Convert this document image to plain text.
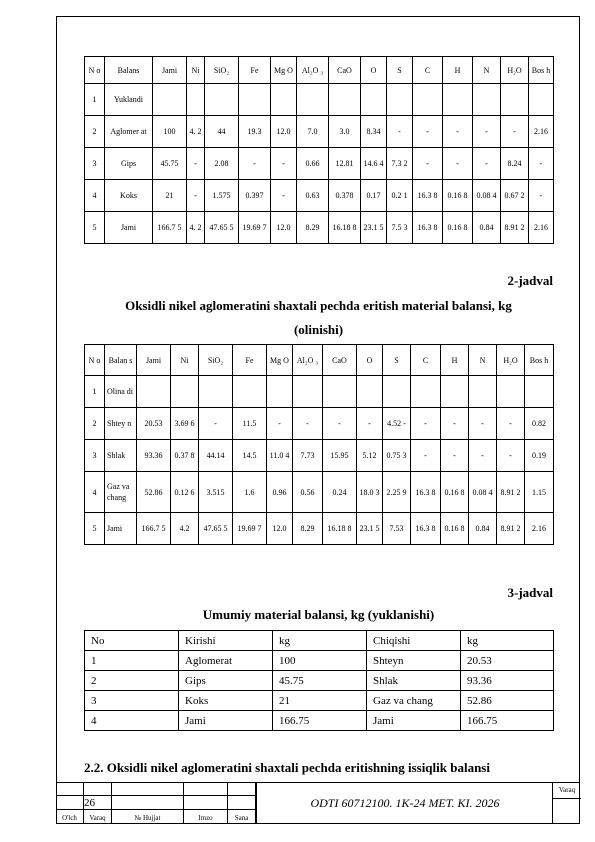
N o	Balans	Jami	Ni	SiO₂	Fe	Mg O	Al₂O ₃	CaO	O	S	C	H	N	H₂O	Bos h
1	Yuklandi														
2	Aglomer at	100	4. 2	44	19.3	12.0	7.0	3.0	8.34	-	-	-	-	-	2.16
3	Gips	45.75	-	2.08	-	-	0.66	12.81	14.6 4	7.3 2	-	-	-	8.24	-
4	Koks	21	-	1.575	0.397	-	0.63	0.378	0.17	0.2 1	16.3 8	0.16 8	0.08 4	0.67 2	-
5	Jami	166.7 5	4. 2	47.65 5	19.69 7	12.0	8.29	16.18 8	23.1 5	7.5 3	16.3 8	0.16 8	0.84	8.91 2	2.16
2-jadval
Oksidli nikel aglomeratini shaxtali pechda eritish material balansi, kg
(olinishi)
N o	Balan s	Jami	Ni	SiO₂	Fe	Mg O	Al₂O ₃	CaO	O	S	C	H	N	H₂O	Bos h
1	Olina di														
2	Shtey n	20.53	3.69 6	-	11.5	-	-	-	-	4.52 -	-	-	-	-	0.82
3	Shlak	93.36	0.37 8	44.14	14.5	11.0 4	7.73	15.95	5.12	0.75 3	-	-	-	-	0.19
4	Gaz va chang	52.86	0.12 6	3.515	1.6	0.96	0.56	0.24	18.0 3	2.25 9	16.3 8	0.16 8	0.08 4	8.91 2	1.15
5	Jami	166.7 5	4.2	47.65 5	19.69 7	12.0	8.29	16.18 8	23.1 5	7.53	16.3 8	0.16 8	0.84	8.91 2	2.16
3-jadval
Umumiy material balansi, kg (yuklanishi)
No	Kirishi	kg	Chiqishi	kg
1	Aglomerat	100	Shteyn	20.53
2	Gips	45.75	Shlak	93.36
3	Koks	21	Gaz va chang	52.86
4	Jami	166.75	Jami	166.75
2.2. Oksidli nikel aglomeratini shaxtali pechda eritishning issiqlik balansi
26
O'lch	Varaq	№ Hujjat	Imzo	Sana
ODTI 60712100. 1K-24 MET. KI. 2026
Varaq
